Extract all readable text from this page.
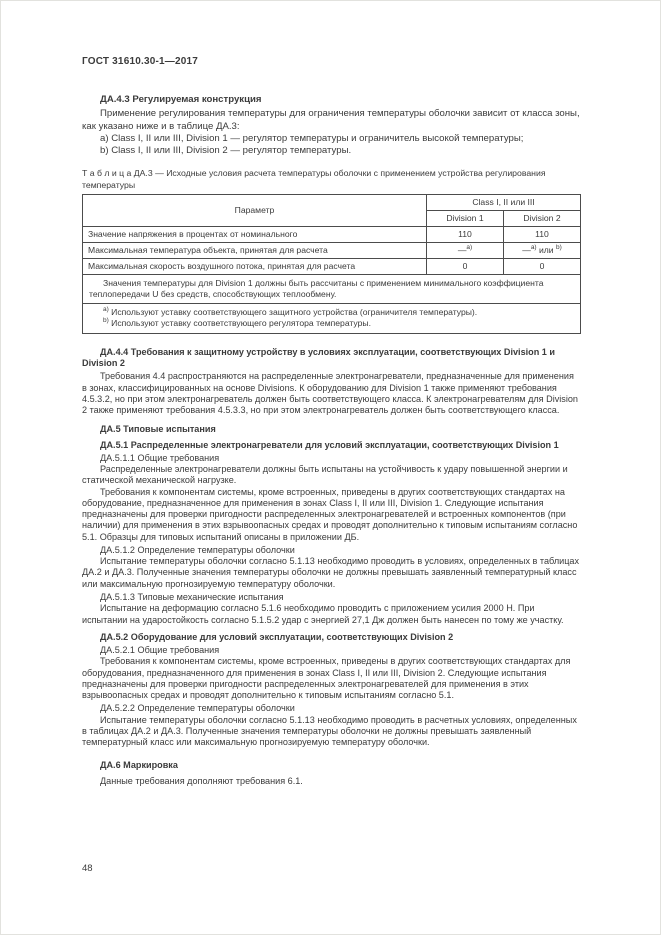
ГОСТ 31610.30-1—2017
ДА.4.3 Регулируемая конструкция

Применение регулирования температуры для ограничения температуры оболочки зависит от класса зоны, как указано ниже и в таблице ДА.3:

a) Class I, II или III, Division 1 — регулятор температуры и ограничитель высокой температуры;

b) Class I, II или III, Division 2 — регулятор температуры.

Т а б л и ц а ДА.3 — Исходные условия расчета температуры оболочки с применением устройства регулирования температуры

Параметр	Class I, II или III	
	Division 1	Division 2
Значение напряжения в процентах от номинального	110	110
Максимальная температура объекта, принятая для расчета	—$^{а)}$	—$^{а)}$ или $^{b)}$
Максимальная скорость воздушного потока, принятая для расчета	0	0

Значения температуры для Division 1 должны быть рассчитаны с применением минимального коэффициента теплопередачи U без средств, способствующих теплообмену.		

$^{а)}$ Используют уставку соответствующего защитного устройства (ограничителя температуры).

$^{b)}$ Используют уставку соответствующего регулятора температуры.		

ДА.4.4 Требования к защитному устройству в условиях эксплуатации, соответствующих Division 1 и Division 2

Требования 4.4 распространяются на распределенные электронагреватели, предназначенные для применения в зонах, классифицированных на основе Divisions. К оборудованию для Division 1 также применяют требования 4.5.3.2, но при этом электронагреватель должен быть соответствующего класса. К электронагревателям для Division 2 также применяют требования 4.5.3.3, но при этом электронагреватель должен быть соответствующего класса.

ДА.5 Типовые испытания
ДА.5.1 Распределенные электронагреватели для условий эксплуатации, соответствующих Division 1

ДА.5.1.1 Общие требования

Распределенные электронагреватели должны быть испытаны на устойчивость к удару повышенной энергии и статической механической нагрузке.

Требования к компонентам системы, кроме встроенных, приведены в других соответствующих стандартах на оборудование, предназначенное для применения в зонах Class I, II или III, Division 1. Следующие испытания предназначены для проверки пригодности распределенных электронагревателей и встроенных компонентов (при наличии) для применения в этих взрывоопасных средах и проводят дополнительно к типовым испытаниям согласно 5.1. Образцы для типовых испытаний описаны в приложении ДБ.

ДА.5.1.2 Определение температуры оболочки

Испытание температуры оболочки согласно 5.1.13 необходимо проводить в условиях, определенных в таблицах ДА.2 и ДА.3. Полученные значения температуры оболочки не должны превышать заявленный температурный класс или максимальную прогнозируемую температуру оболочки.

ДА.5.1.3 Типовые механические испытания

Испытание на деформацию согласно 5.1.6 необходимо проводить с приложением усилия 2000 Н. При испытании на ударостойкость согласно 5.1.5.2 удар с энергией 27,1 Дж должен быть нанесен по тому же участку.

ДА.5.2 Оборудование для условий эксплуатации, соответствующих Division 2

ДА.5.2.1 Общие требования

Требования к компонентам системы, кроме встроенных, приведены в других соответствующих стандартах для оборудования, предназначенного для применения в зонах Class I, II или III, Division 2. Следующие испытания предназначены для проверки пригодности распределенных электронагревателей для применения в этих взрывоопасных средах и проводят дополнительно к типовым испытаниям согласно 5.1.

ДА.5.2.2 Определение температуры оболочки

Испытание температуры оболочки согласно 5.1.13 необходимо проводить в расчетных условиях, определенных в таблицах ДА.2 и ДА.3. Полученные значения температуры оболочки не должны превышать заявленный температурный класс или максимальную прогнозируемую температуру оболочки.

ДА.6 Маркировка

Данные требования дополняют требования 6.1.

48
